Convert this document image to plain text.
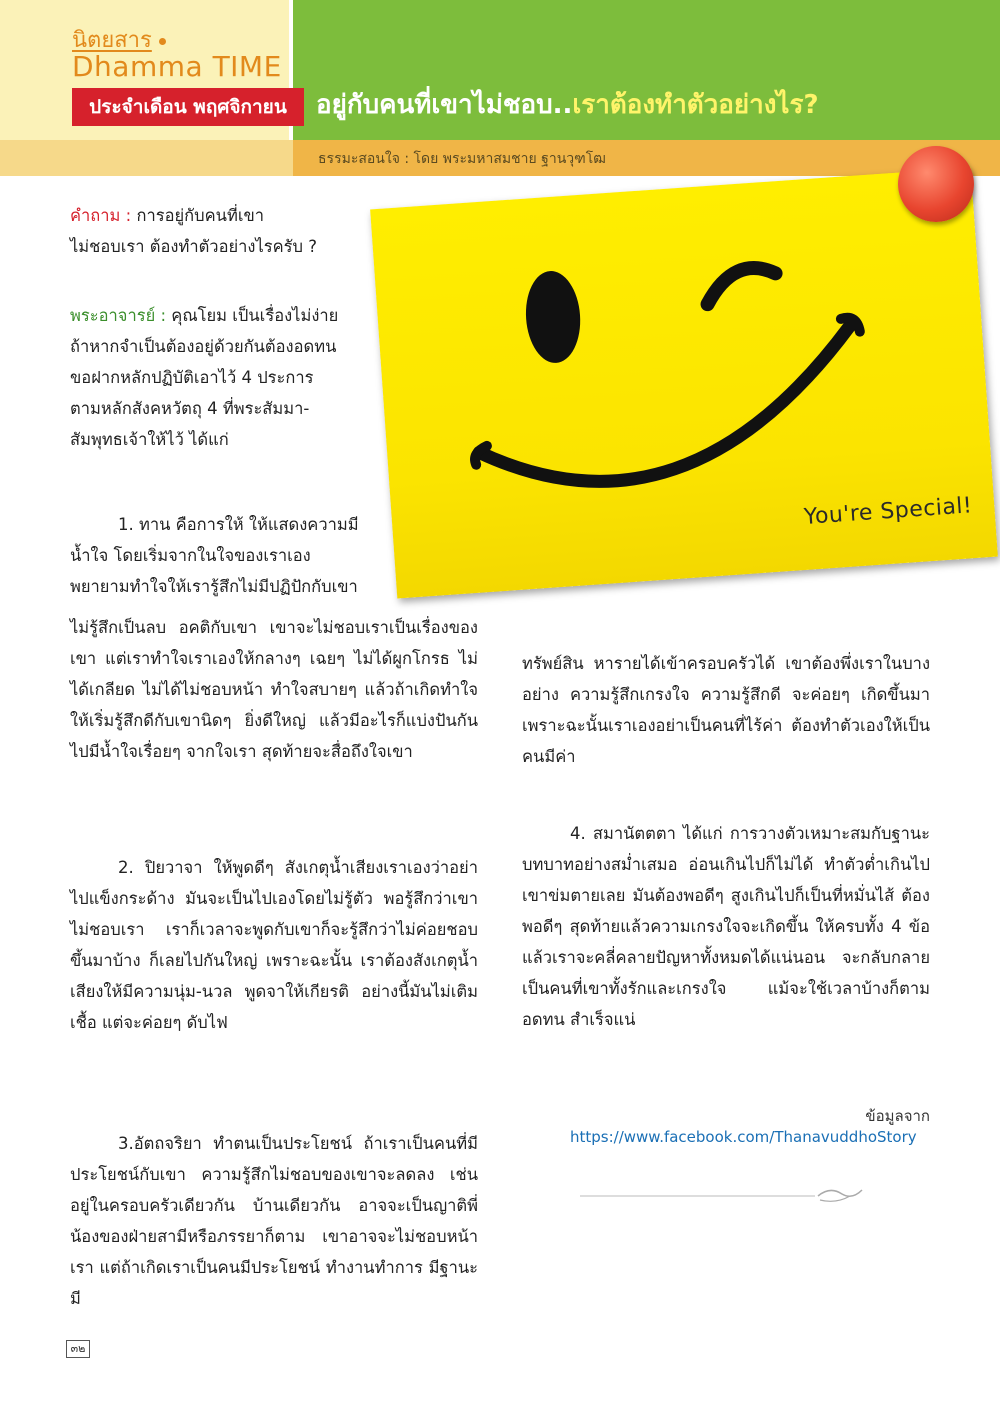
นิตยสาร
Dhamma TIME
ประจำเดือน พฤศจิกายน	อยู่กับคนที่เขาไม่ชอบ..เราต้องทำตัวอย่างไร?
ธรรมะสอนใจ : โดย พระมหาสมชาย ฐานวุฑโฒ
You're Special!
คำถาม : การอยู่กับคนที่เขา
ไม่ชอบเรา ต้องทำตัวอย่างไรครับ ?
พระอาจารย์ : คุณโยม เป็นเรื่องไม่ง่าย
ถ้าหากจำเป็นต้องอยู่ด้วยกันต้องอดทน
ขอฝากหลักปฏิบัติเอาไว้ 4 ประการ
ตามหลักสังคหวัตถุ 4 ที่พระสัมมา-
สัมพุทธเจ้าให้ไว้ ได้แก่
1. ทาน คือการให้ ให้แสดงความมี
น้ำใจ โดยเริ่มจากในใจของเราเอง
พยายามทำใจให้เรารู้สึกไม่มีปฏิปักกับเขา
ไม่รู้สึกเป็นลบ อคติกับเขา เขาจะไม่ชอบเราเป็นเรื่องของเขา แต่เราทำใจเราเองให้กลางๆ เฉยๆ ไม่ได้ผูกโกรธ ไม่ได้เกลียด ไม่ได้ไม่ชอบหน้า ทำใจสบายๆ แล้วถ้าเกิดทำใจให้เริ่มรู้สึกดีกับเขานิดๆ ยิ่งดีใหญ่ แล้วมีอะไรก็แบ่งปันกันไปมีน้ำใจเรื่อยๆ จากใจเรา สุดท้ายจะสื่อถึงใจเขา
2. ปิยวาจา ให้พูดดีๆ สังเกตุน้ำเสียงเราเองว่าอย่าไปแข็งกระด้าง มันจะเป็นไปเองโดยไม่รู้ตัว พอรู้สึกว่าเขาไม่ชอบเรา เราก็เวลาจะพูดกับเขาก็จะรู้สึกว่าไม่ค่อยชอบขึ้นมาบ้าง ก็เลยไปกันใหญ่ เพราะฉะนั้น เราต้องสังเกตุน้ำเสียงให้มีความนุ่ม-นวล พูดจาให้เกียรติ อย่างนี้มันไม่เติมเชื้อ แต่จะค่อยๆ ดับไฟ
3.อัตถจริยา ทำตนเป็นประโยชน์ ถ้าเราเป็นคนที่มีประโยชน์กับเขา ความรู้สึกไม่ชอบของเขาจะลดลง เช่น อยู่ในครอบครัวเดียวกัน บ้านเดียวกัน อาจจะเป็นญาติพี่น้องของฝ่ายสามีหรือภรรยาก็ตาม เขาอาจจะไม่ชอบหน้าเรา แต่ถ้าเกิดเราเป็นคนมีประโยชน์ ทำงานทำการ มีฐานะ มี
ทรัพย์สิน หารายได้เข้าครอบครัวได้ เขาต้องพึ่งเราในบางอย่าง ความรู้สึกเกรงใจ ความรู้สึกดี จะค่อยๆ เกิดขึ้นมา เพราะฉะนั้นเราเองอย่าเป็นคนที่ไร้ค่า ต้องทำตัวเองให้เป็นคนมีค่า
4. สมานัตตตา ได้แก่ การวางตัวเหมาะสมกับฐานะบทบาทอย่างสม่ำเสมอ อ่อนเกินไปก็ไม่ได้ ทำตัวต่ำเกินไป เขาข่มตายเลย มันต้องพอดีๆ สูงเกินไปก็เป็นที่หมั่นไส้ ต้องพอดีๆ สุดท้ายแล้วความเกรงใจจะเกิดขึ้น ให้ครบทั้ง 4 ข้อ แล้วเราจะคลี่คลายปัญหาทั้งหมดได้แน่นอน จะกลับกลายเป็นคนที่เขาทั้งรักและเกรงใจ แม้จะใช้เวลาบ้างก็ตาม อดทน สำเร็จแน่
ข้อมูลจาก
https://www.facebook.com/ThanavuddhoStory
๓๒
